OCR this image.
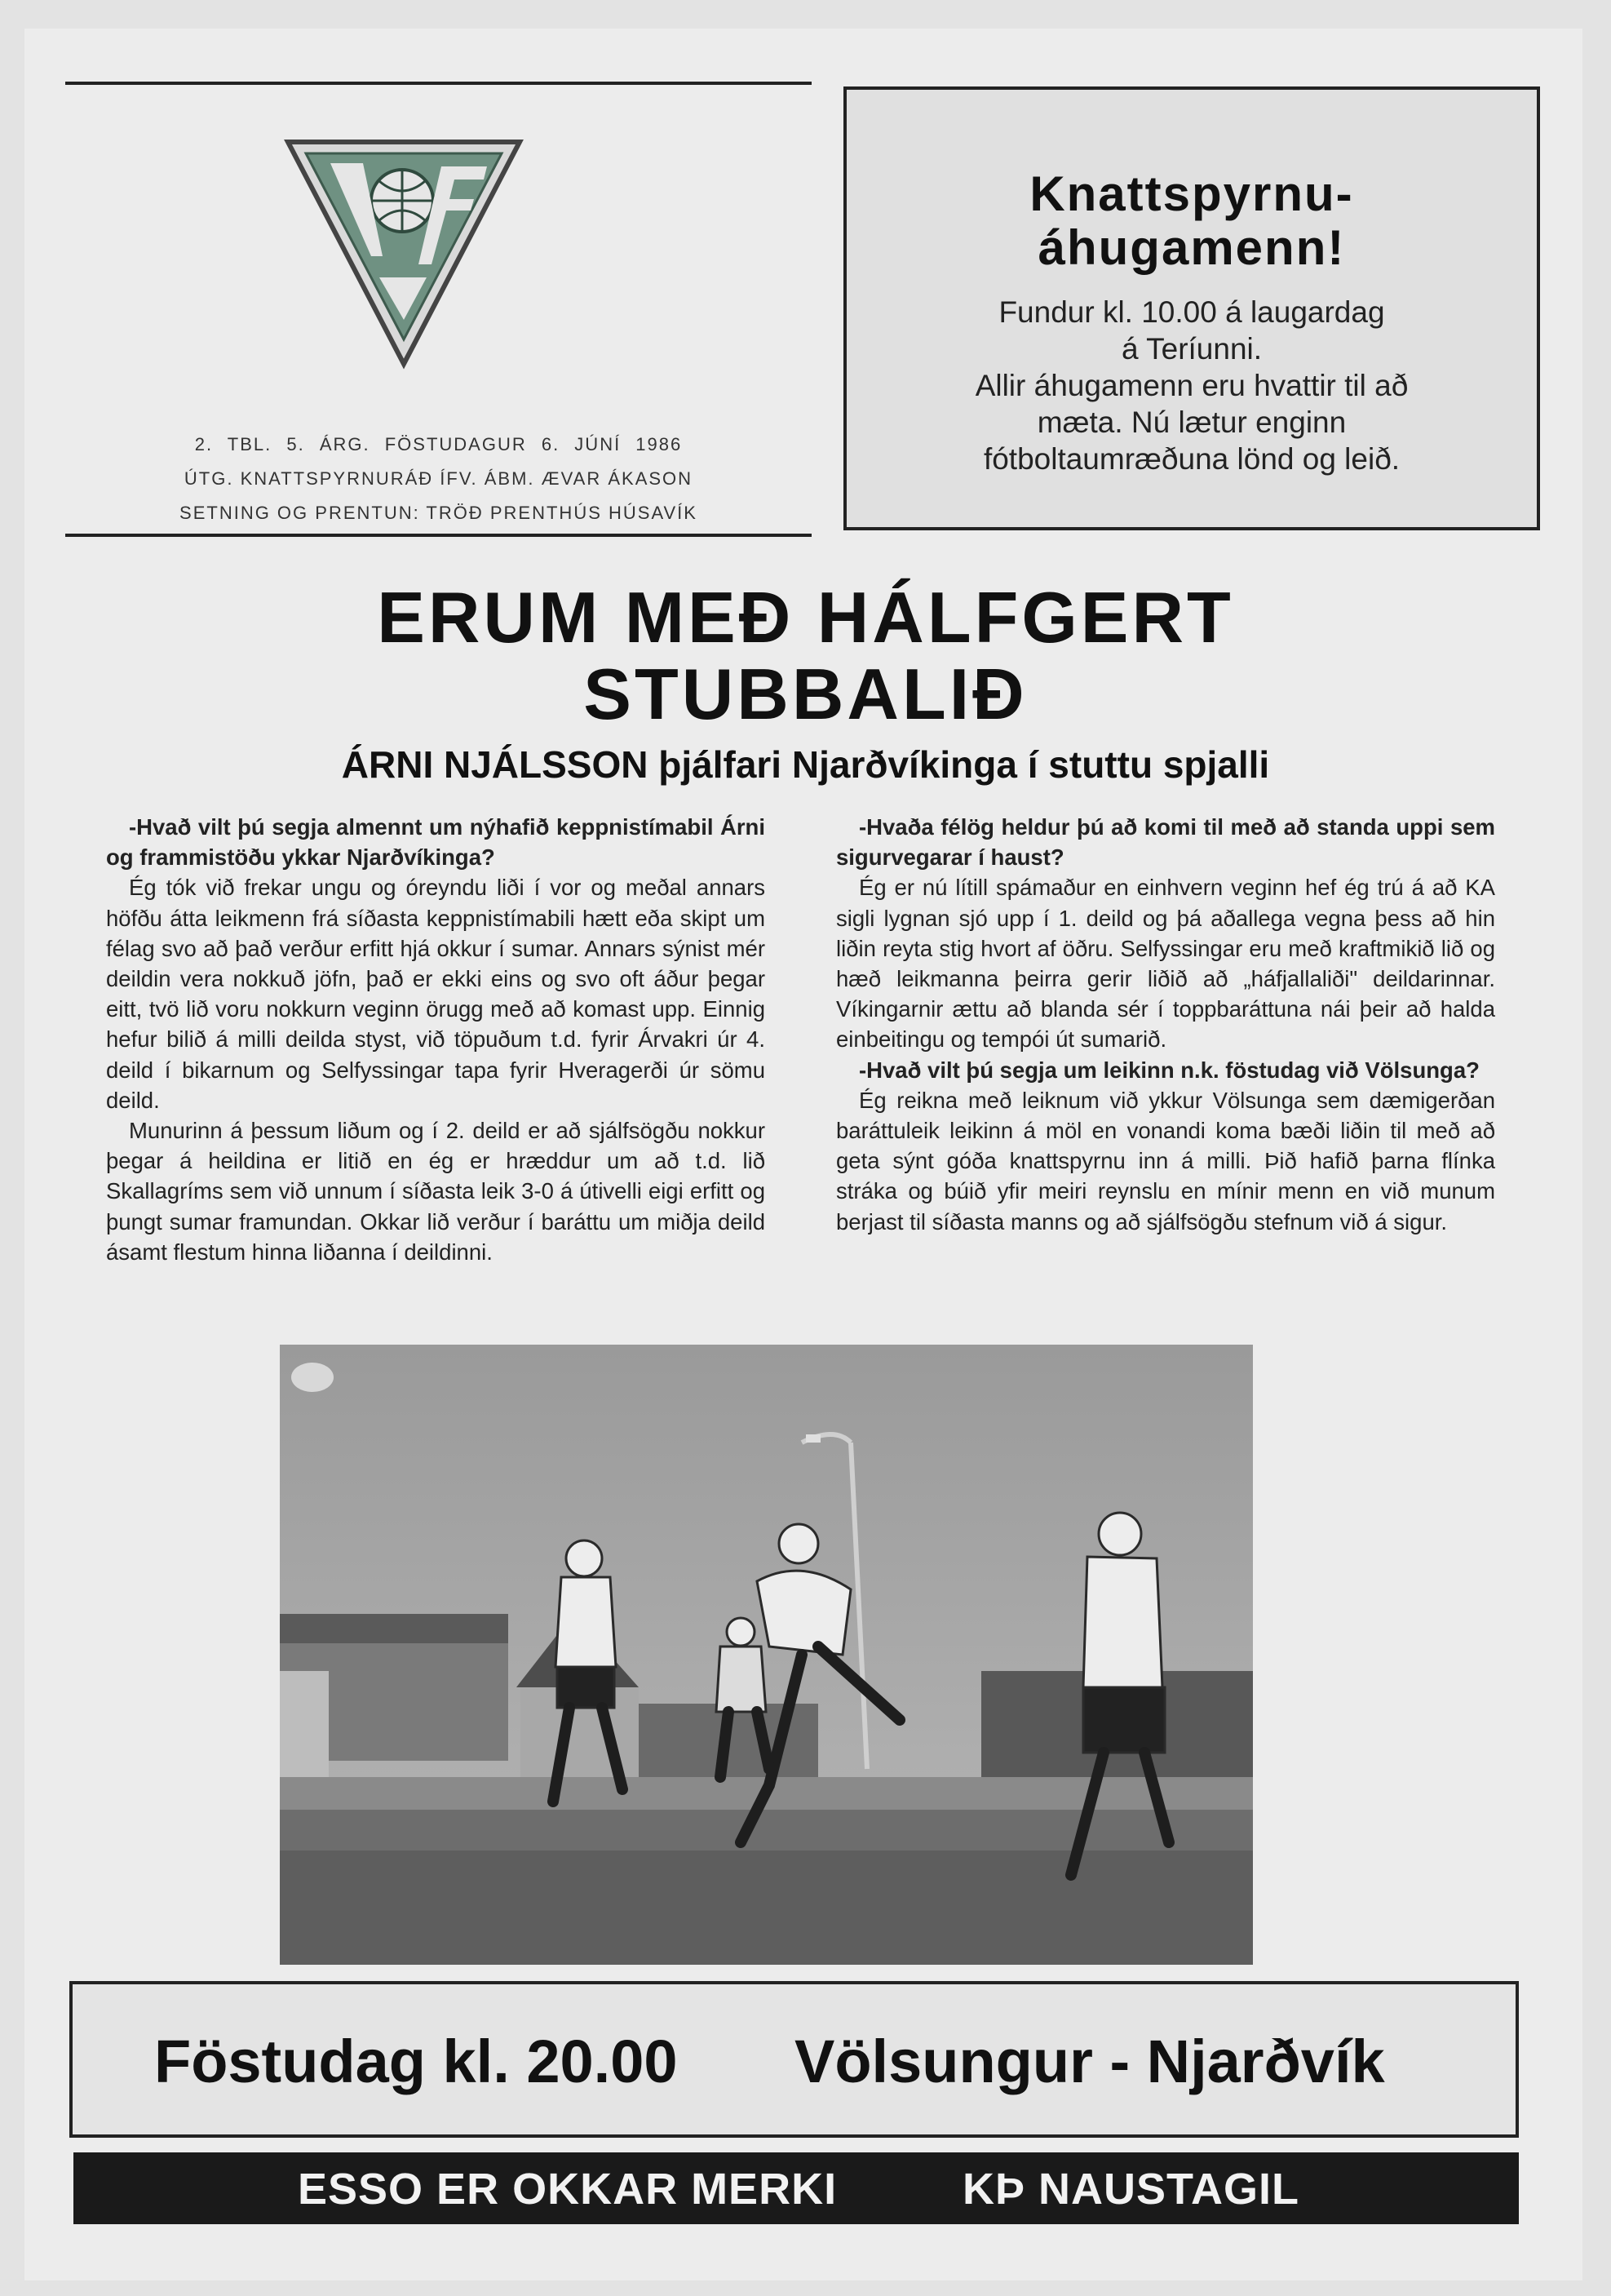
2. TBL. 5. ÁRG. FÖSTUDAGUR 6. JÚNÍ 1986
ÚTG. KNATTSPYRNURÁÐ ÍFV. ÁBM. ÆVAR ÁKASON
SETNING OG PRENTUN: TRÖÐ PRENTHÚS HÚSAVÍK
Knattspyrnu-
áhugamenn!
Fundur kl. 10.00 á laugardag
á Teríunni.
Allir áhugamenn eru hvattir til að
mæta. Nú lætur enginn
fótboltaumræðuna lönd og leið.
ERUM MEÐ HÁLFGERT
STUBBALIÐ
ÁRNI NJÁLSSON þjálfari Njarðvíkinga í stuttu spjalli

-Hvað vilt þú segja almennt um nýhafið keppnistímabil Árni og frammistöðu ykkar Njarðvíkinga?

Ég tók við frekar ungu og óreyndu liði í vor og meðal annars höfðu átta leikmenn frá síðasta keppnistímabili hætt eða skipt um félag svo að það verður erfitt hjá okkur í sumar. Annars sýnist mér deildin vera nokkuð jöfn, það er ekki eins og svo oft áður þegar eitt, tvö lið voru nokkurn veginn örugg með að komast upp. Einnig hefur bilið á milli deilda styst, við töpuðum t.d. fyrir Árvakri úr 4. deild í bikarnum og Selfyssingar tapa fyrir Hveragerði úr sömu deild.

Munurinn á þessum liðum og í 2. deild er að sjálfsögðu nokkur þegar á heildina er litið en ég er hræddur um að t.d. lið Skallagríms sem við unnum í síðasta leik 3-0 á útivelli eigi erfitt og þungt sumar framundan. Okkar lið verður í baráttu um miðja deild ásamt flestum hinna liðanna í deildinni.

-Hvaða félög heldur þú að komi til með að standa uppi sem sigurvegarar í haust?

Ég er nú lítill spámaður en einhvern veginn hef ég trú á að KA sigli lygnan sjó upp í 1. deild og þá aðallega vegna þess að hin liðin reyta stig hvort af öðru. Selfyssingar eru með kraftmikið lið og hæð leikmanna þeirra gerir liðið að „háfjallaliði" deildarinnar. Víkingarnir ættu að blanda sér í toppbaráttuna nái þeir að halda einbeitingu og tempói út sumarið.

-Hvað vilt þú segja um leikinn n.k. föstudag við Völsunga?

Ég reikna með leiknum við ykkur Völsunga sem dæmigerðan baráttuleik leikinn á möl en vonandi koma bæði liðin til með að geta sýnt góða knattspyrnu inn á milli. Þið hafið þarna flínka stráka og búið yfir meiri reynslu en mínir menn en við munum berjast til síðasta manns og að sjálfsögðu stefnum við á sigur.

Föstudag kl. 20.00 Völsungur - Njarðvík
ESSO ER OKKAR MERKI	KÞ NAUSTAGIL
